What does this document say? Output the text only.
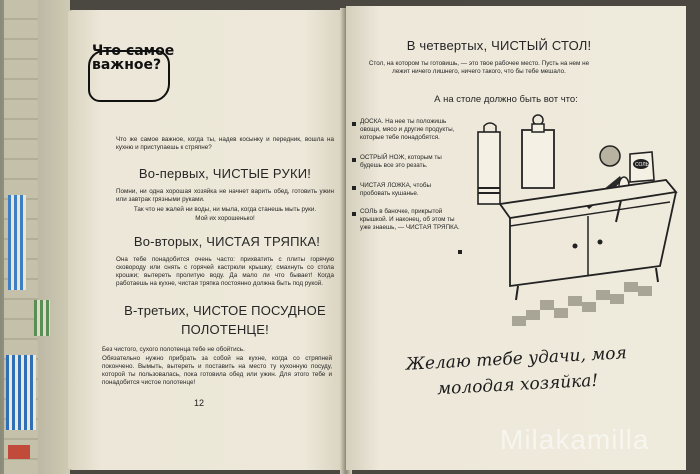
Что самое важное?

Что же самое важное, когда ты, надев косынку и передник, вошла на кухню и приступаешь к стряпне?

Во-первых, ЧИСТЫЕ РУКИ!

Помни, ни одна хорошая хозяйка не начнет варить обед, готовить ужин или завтрак грязными руками.

Так что не жалей ни воды, ни мыла, когда станешь мыть руки.

Мой их хорошенько!

Во-вторых, ЧИСТАЯ ТРЯПКА!

Она тебе понадобится очень часто: прихватить с плиты горячую сковороду или снять с горячей кастрюли крышку; смахнуть со стола крошки; вытереть пролитую воду. Да мало ли что бывает! Когда работаешь на кухне, чистая тряпка постоянно должна быть под рукой.

В-третьих, ЧИСТОЕ ПОСУДНОЕ

ПОЛОТЕНЦЕ!

Без чистого, сухого полотенца тебе не обойтись.

Обязательно нужно прибрать за собой на кухне, когда со стряпней покончено. Вымыть, вытереть и поставить на место ту кухонную посуду, которой ты пользовалась, пока готовила обед или ужин. Для этого тебе и понадобится чистое полотенце!

12

В четвертых, ЧИСТЫЙ СТОЛ!

Стол, на котором ты готовишь, — это твое рабочее место. Пусть на нем не лежит ничего лишнего, ничего такого, что бы тебе мешало.

А на столе должно быть вот что:

ДОСКА. На нее ты положишь овощи, мясо и другие продукты, которые тебе понадобятся.

ОСТРЫЙ НОЖ, которым ты будешь все это резать.

ЧИСТАЯ ЛОЖКА, чтобы пробовать кушанье.

СОЛЬ в баночке, прикрытой крышкой. И наконец, об этом ты уже знаешь, — ЧИСТАЯ ТРЯПКА.

СОЛЬ
Желаю тебе удачи, моя
молодая хозяйка!
Milakamilla
